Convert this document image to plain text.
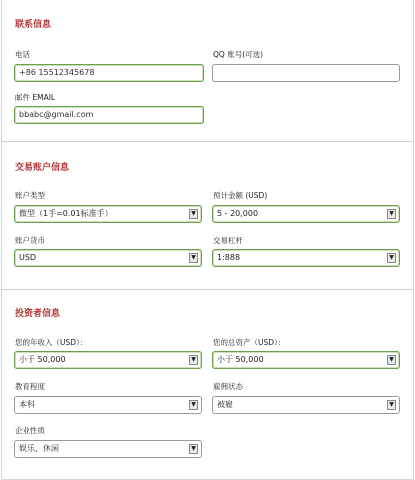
联系信息
电话
+86 15512345678
QQ 账号(可选)
邮件 EMAIL
bbabc@gmail.com
交易账户信息
账户类型
微型（1手=0.01标准手）	▼
预计金额 (USD)
5 - 20,000	▼
账户货币
USD	▼
交易杠杆
1:888	▼
投资者信息
您的年收入（USD）：
小于 50,000	▼
您的总资产（USD）：
小于 50,000	▼
教育程度
本科	▼
雇佣状态
被雇	▼
企业性质
娱乐，休闲	▼
